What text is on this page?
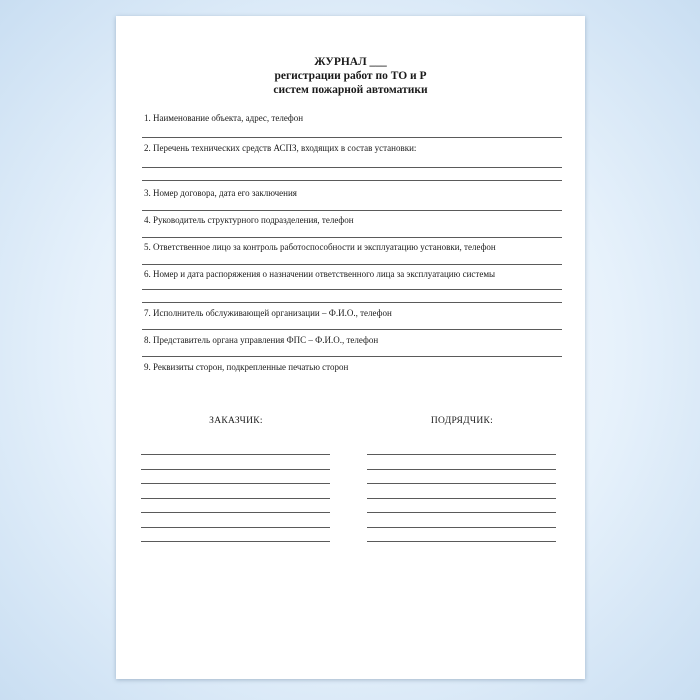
ЖУРНАЛ ___
регистрации работ по ТО и Р
систем пожарной автоматики
1. Наименование объекта, адрес, телефон
2. Перечень технических средств АСПЗ, входящих в состав установки:
3. Номер договора, дата его заключения
4. Руководитель структурного подразделения, телефон
5. Ответственное лицо за контроль работоспособности и эксплуатацию установки, телефон
6. Номер и дата распоряжения о назначении ответственного лица за эксплуатацию системы
7. Исполнитель обслуживающей организации – Ф.И.О., телефон
8. Представитель органа управления ФПС – Ф.И.О., телефон
9. Реквизиты сторон, подкрепленные печатью сторон
ЗАКАЗЧИК:	ПОДРЯДЧИК:
